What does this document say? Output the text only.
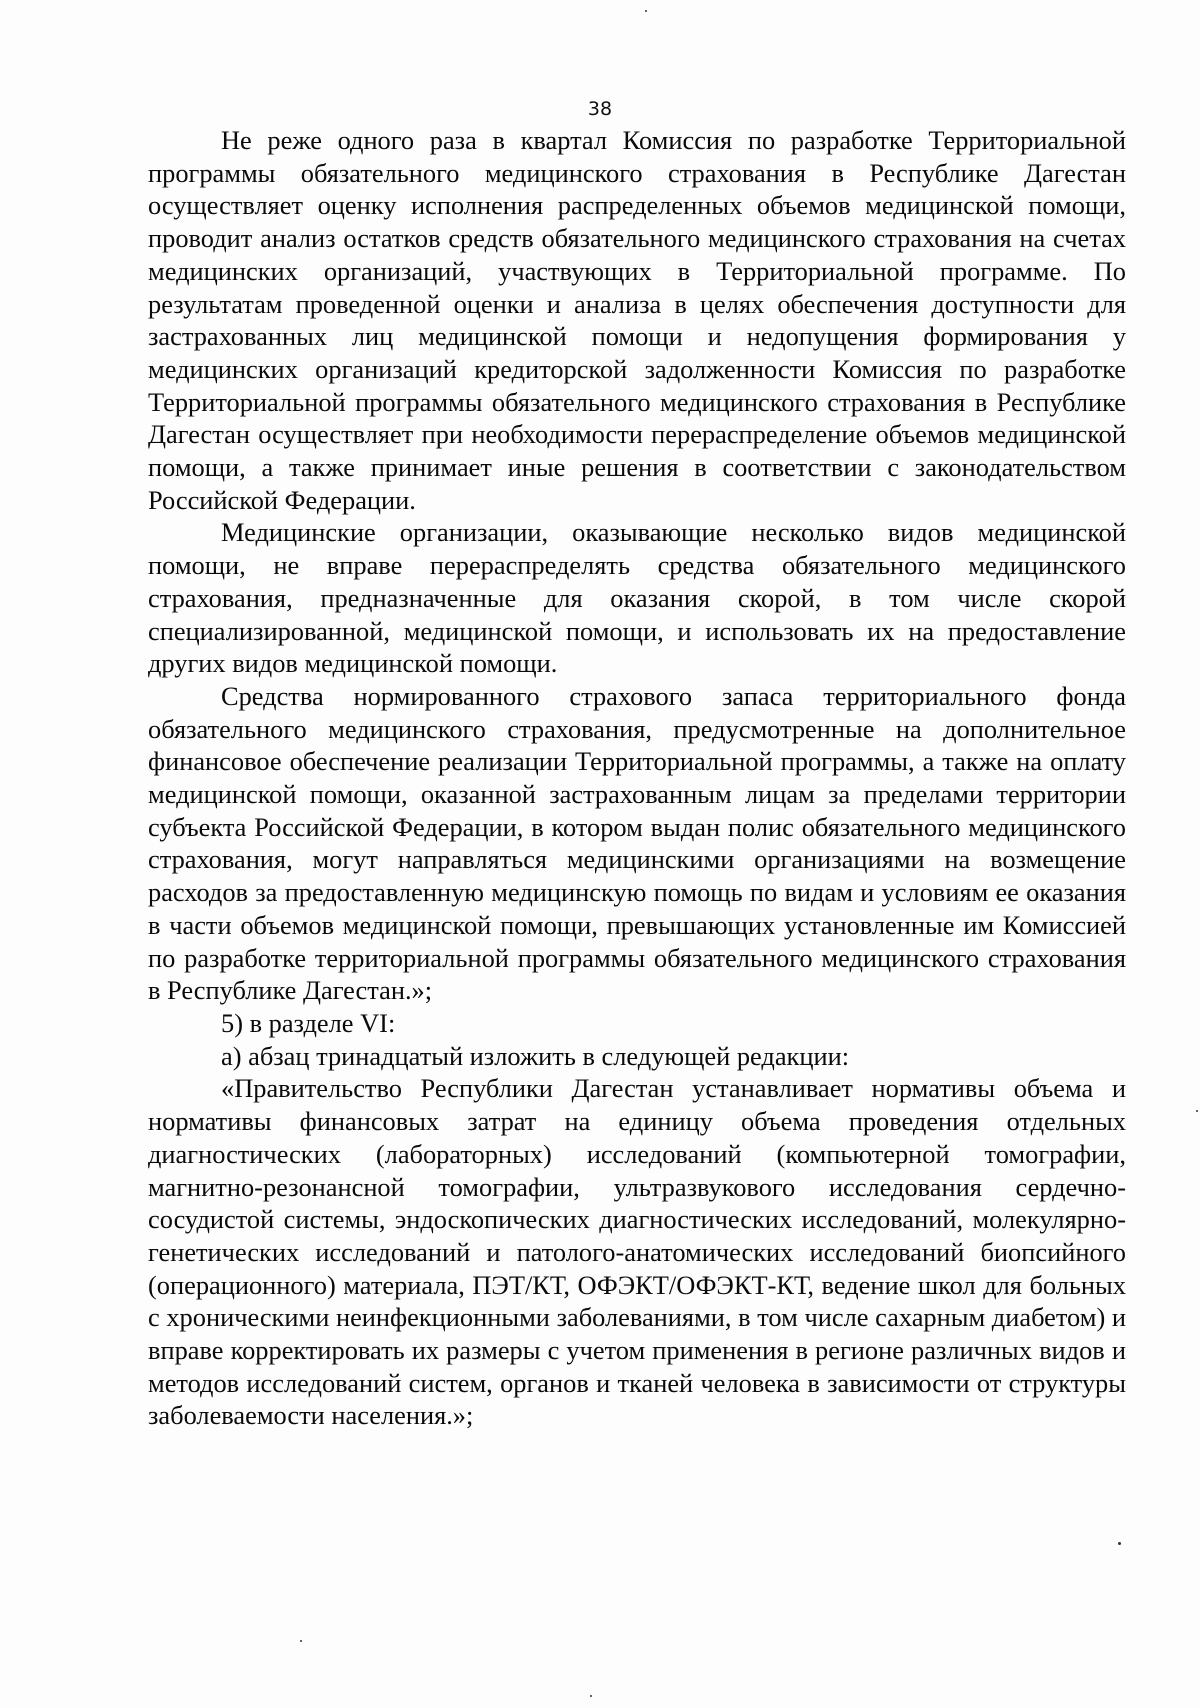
38

Не реже одного раза в квартал Комиссия по разработке Территориальной программы обязательного медицинского страхования в Республике Дагестан осуществляет оценку исполнения распределенных объемов медицинской помощи, проводит анализ остатков средств обязательного медицинского страхования на счетах медицинских организаций, участвующих в Территориальной программе. По результатам проведенной оценки и анализа в целях обеспечения доступности для застрахованных лиц медицинской помощи и недопущения формирования у медицинских организаций кредиторской задолженности Комиссия по разработке Территориальной программы обязательного медицинского страхования в Республике Дагестан осуществляет при необходимости перераспределение объемов медицинской помощи, а также принимает иные решения в соответствии с законодательством Российской Федерации.

Медицинские организации, оказывающие несколько видов медицинской помощи, не вправе перераспределять средства обязательного медицинского страхования, предназначенные для оказания скорой, в том числе скорой специализированной, медицинской помощи, и использовать их на предоставление других видов медицинской помощи.

Средства нормированного страхового запаса территориального фонда обязательного медицинского страхования, предусмотренные на дополнительное финансовое обеспечение реализации Территориальной программы, а также на оплату медицинской помощи, оказанной застрахованным лицам за пределами территории субъекта Российской Федерации, в котором выдан полис обязательного медицинского страхования, могут направляться медицинскими организациями на возмещение расходов за предоставленную медицинскую помощь по видам и условиям ее оказания в части объемов медицинской помощи, превышающих установленные им Комиссией по разработке территориальной программы обязательного медицинского страхования в Республике Дагестан.»;

5) в разделе VI:

а) абзац тринадцатый изложить в следующей редакции:

«Правительство Республики Дагестан устанавливает нормативы объема и нормативы финансовых затрат на единицу объема проведения отдельных диагностических (лабораторных) исследований (компьютерной томографии, магнитно-резонансной томографии, ультразвукового исследования сердечно-сосудистой системы, эндоскопических диагностических исследований, молекулярно-генетических исследований и патолого-анатомических исследований биопсийного (операционного) материала, ПЭТ/КТ, ОФЭКТ/ОФЭКТ-КТ, ведение школ для больных с хроническими неинфекционными заболеваниями, в том числе сахарным диабетом) и вправе корректировать их размеры с учетом применения в регионе различных видов и методов исследований систем, органов и тканей человека в зависимости от структуры заболеваемости населения.»;
